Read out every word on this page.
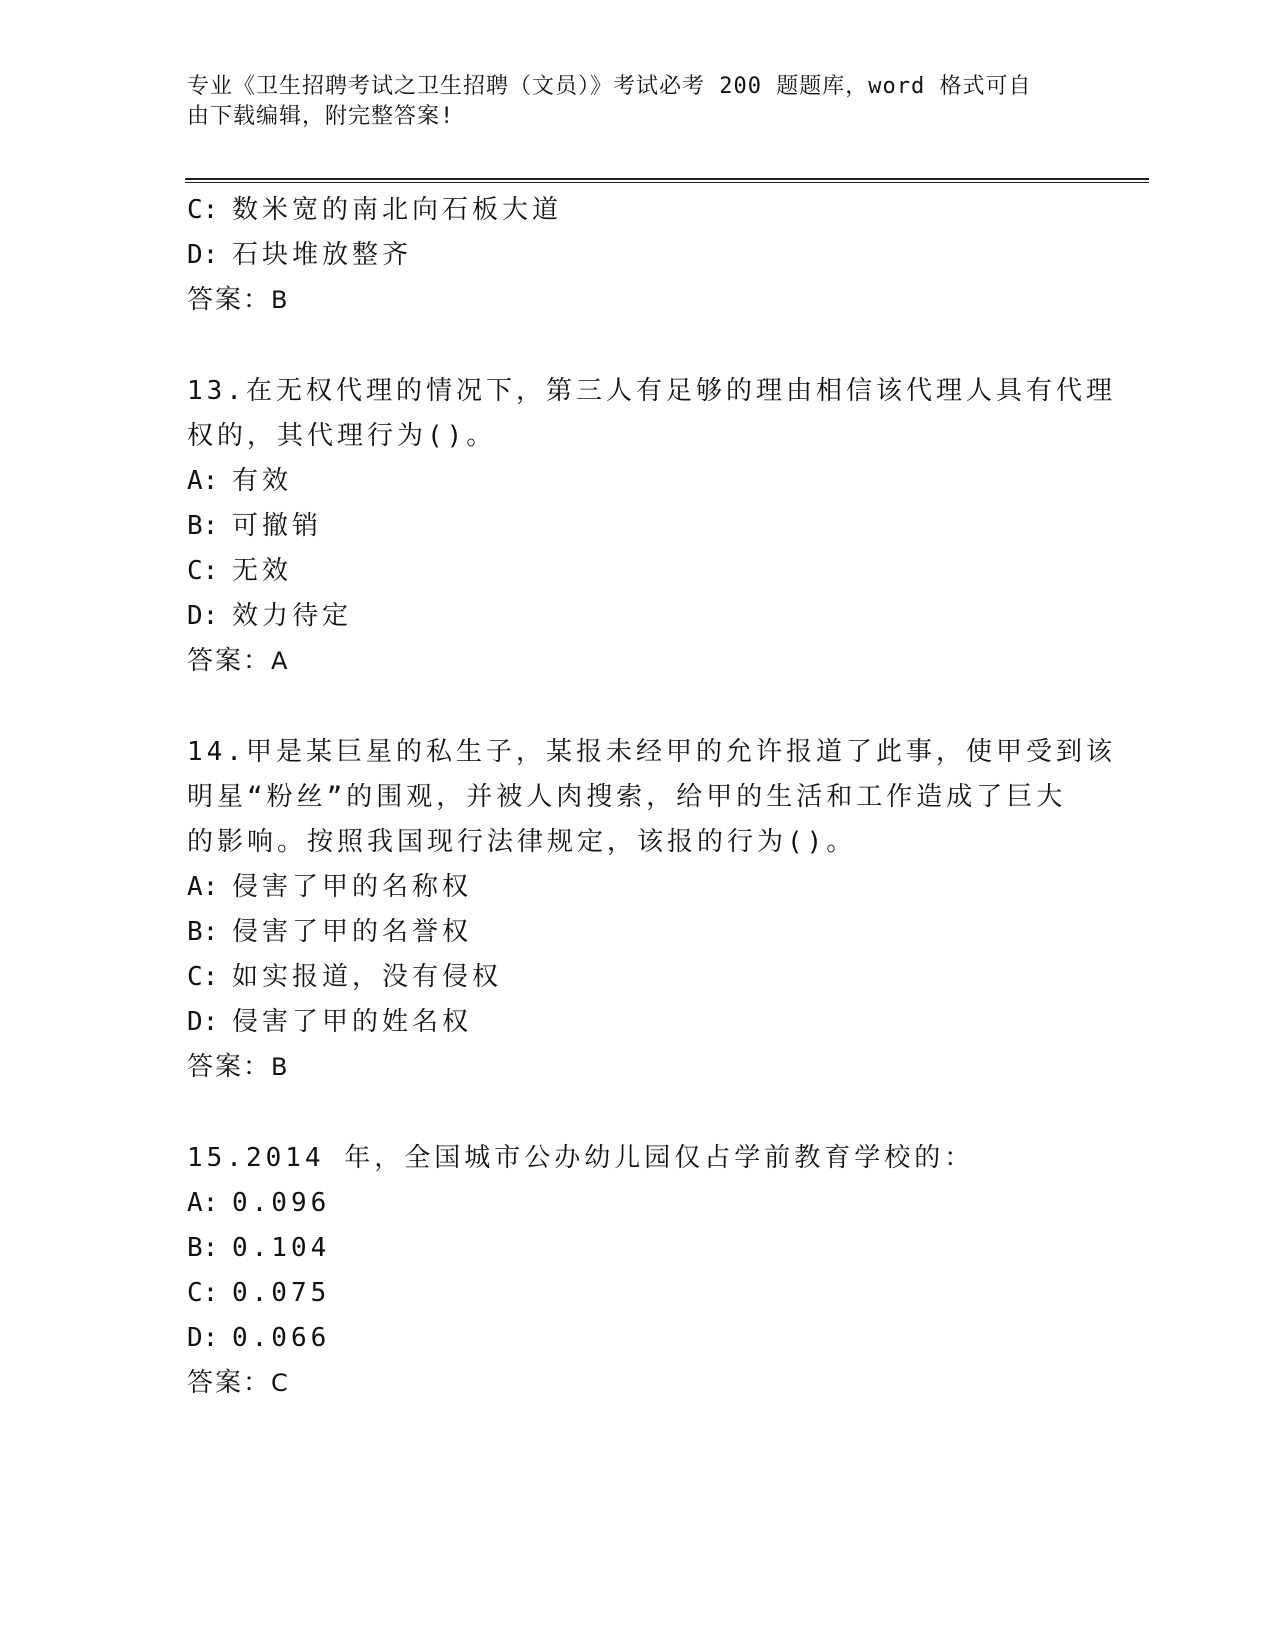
专业《卫生招聘考试之卫生招聘（文员）》考试必考 200 题题库，word 格式可自
由下载编辑，附完整答案!

C: 数米宽的南北向石板大道

D: 石块堆放整齐

答案：B

13.在无权代理的情况下，第三人有足够的理由相信该代理人具有代理

权的，其代理行为()。

A: 有效

B: 可撤销

C: 无效

D: 效力待定

答案：A

14.甲是某巨星的私生子，某报未经甲的允许报道了此事，使甲受到该

明星“粉丝”的围观，并被人肉搜索，给甲的生活和工作造成了巨大

的影响。按照我国现行法律规定，该报的行为()。

A: 侵害了甲的名称权

B: 侵害了甲的名誉权

C: 如实报道，没有侵权

D: 侵害了甲的姓名权

答案：B

15.2014 年，全国城市公办幼儿园仅占学前教育学校的：

A: 0.096

B: 0.104

C: 0.075

D: 0.066

答案：C
